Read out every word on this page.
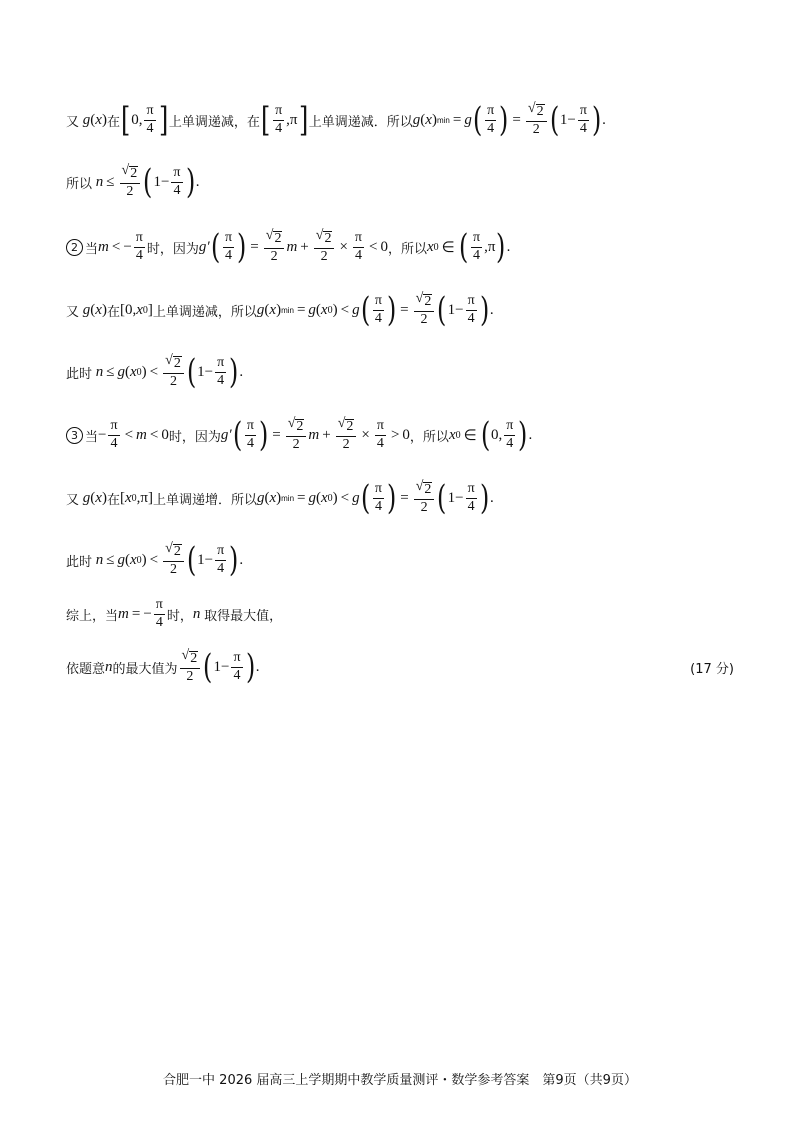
又 g ( x ) 在 [ 0, $\frac{\pi}{4}$ ] 上单调递减，在 [ $\frac{\pi}{4} ,\pi$ ] 上单调递减．所以 g ( x ) min = g ( $\frac{\pi}{4}$ ) = $\frac{√ 2}{2}$ ( $1- \frac{\pi}{4}$ ) .
所以 $n \le \frac{√ 2}{2}$ ( $1- \frac{\pi}{4}$ ) .
2 当 m < − $\frac{\pi}{4}$ 时，因为 g′ ( $\frac{\pi}{4}$ ) = $\frac{√ 2}{2}$ $m + \frac{√ 2}{2} \times \frac{\pi}{4} < 0$ ，所以 x 0 ∈ ( $\frac{\pi}{4} ,\pi$ ) .
又 g ( x ) 在 [0, x 0 ] 上单调递减，所以 g ( x ) min = g ( x 0 ) < g ( $\frac{\pi}{4}$ ) = $\frac{√ 2}{2}$ ( $1- \frac{\pi}{4}$ ) .
此时 n ≤ g ( x 0 ) < $\frac{√ 2}{2}$ ( $1- \frac{\pi}{4}$ ) .
3 当 − $\frac{\pi}{4} < m < 0$ 时，因为 g′ ( $\frac{\pi}{4}$ ) = $\frac{√ 2}{2}$ $m + \frac{√ 2}{2} \times \frac{\pi}{4} > 0$ ，所以 x 0 ∈ ( 0, $\frac{\pi}{4}$ ) .
又 g ( x ) 在 [ x 0 ,π] 上单调递增．所以 g ( x ) min = g ( x 0 ) < g ( $\frac{\pi}{4}$ ) = $\frac{√ 2}{2}$ ( $1- \frac{\pi}{4}$ ) .
此时 n ≤ g ( x 0 ) < $\frac{√ 2}{2}$ ( $1- \frac{\pi}{4}$ ) .
综上，当 m = − $\frac{\pi}{4}$ 时， n 取得最大值，
依题意 n 的最大值为 $\frac{√ 2}{2}$ ( $1- \frac{\pi}{4}$ ) .	(17 分)
合肥一中 2026 届高三上学期期中教学质量测评・数学参考答案　第9页（共9页）
